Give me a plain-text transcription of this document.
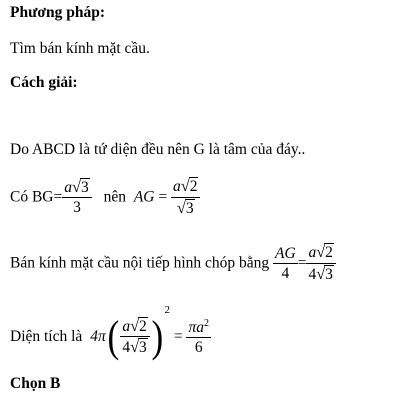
Phương pháp:
Tìm bán kính mặt cầu.
Cách giải:
Do ABCD là tứ diện đều nên G là tâm của đáy..
Có $BG= \frac{a√3}{3}$ nên AG = $\frac{a√2}{√3}$
Bán kính mặt cầu nội tiếp hình chóp bằng $\frac{AG}{4} = \frac{a√2}{4√3}$
Diện tích là $4\pi( \frac{a√2}{4√3} )^2 = \frac{\pi a^2}{6}$
Chọn B
